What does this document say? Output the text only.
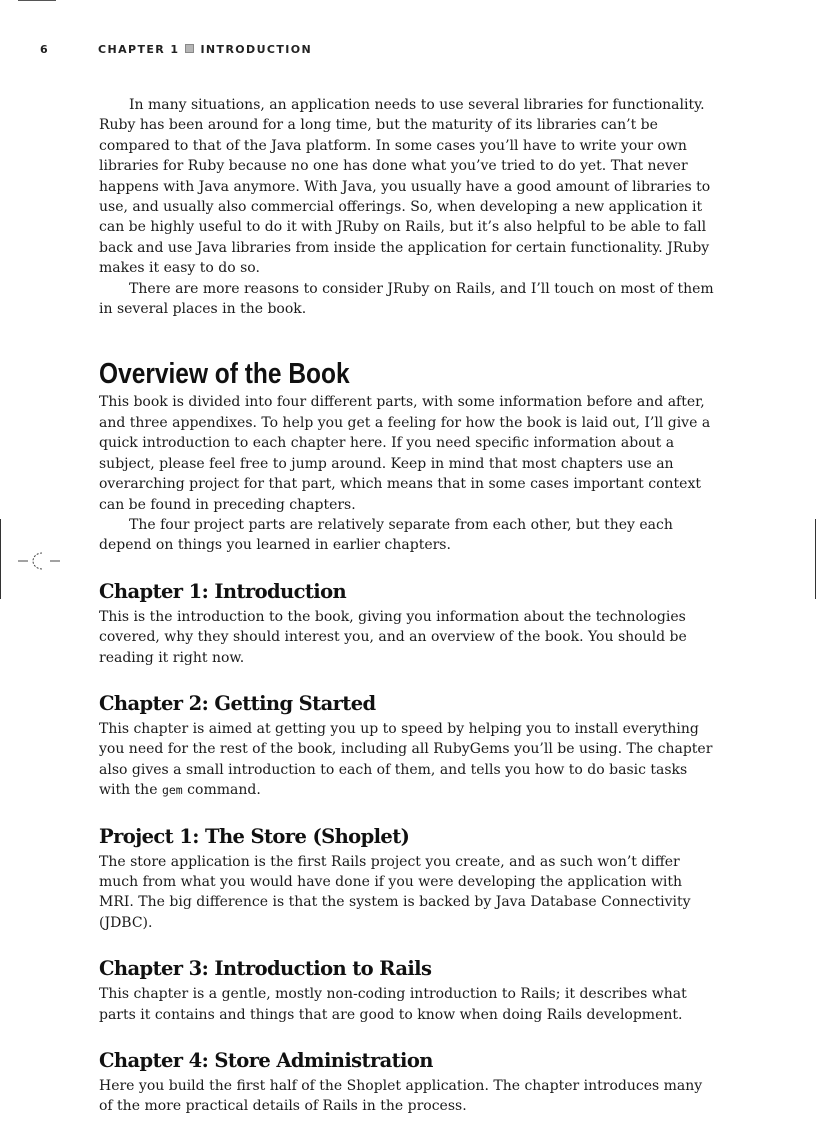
6	CHAPTER 1 INTRODUCTION

In many situations, an application needs to use several libraries for functionality. Ruby has been around for a long time, but the maturity of its libraries can’t be compared to that of the Java platform. In some cases you’ll have to write your own libraries for Ruby because no one has done what you’ve tried to do yet. That never happens with Java anymore. With Java, you usually have a good amount of libraries to use, and usually also commercial offerings. So, when developing a new application it can be highly useful to do it with JRuby on Rails, but it’s also helpful to be able to fall back and use Java libraries from inside the application for certain functionality. JRuby makes it easy to do so.

There are more reasons to consider JRuby on Rails, and I’ll touch on most of them in several places in the book.

Overview of the Book

This book is divided into four different parts, with some information before and after, and three appendixes. To help you get a feeling for how the book is laid out, I’ll give a quick introduction to each chapter here. If you need specific information about a subject, please feel free to jump around. Keep in mind that most chapters use an overarching project for that part, which means that in some cases important context can be found in preceding chapters.

The four project parts are relatively separate from each other, but they each depend on things you learned in earlier chapters.

Chapter 1: Introduction

This is the introduction to the book, giving you information about the technologies covered, why they should interest you, and an overview of the book. You should be reading it right now.

Chapter 2: Getting Started

This chapter is aimed at getting you up to speed by helping you to install everything you need for the rest of the book, including all RubyGems you’ll be using. The chapter also gives a small introduction to each of them, and tells you how to do basic tasks with the gem command.

Project 1: The Store (Shoplet)

The store application is the first Rails project you create, and as such won’t differ much from what you would have done if you were developing the application with MRI. The big difference is that the system is backed by Java Database Connectivity (JDBC).

Chapter 3: Introduction to Rails

This chapter is a gentle, mostly non-coding introduction to Rails; it describes what parts it contains and things that are good to know when doing Rails development.

Chapter 4: Store Administration

Here you build the first half of the Shoplet application. The chapter introduces many of the more practical details of Rails in the process.
